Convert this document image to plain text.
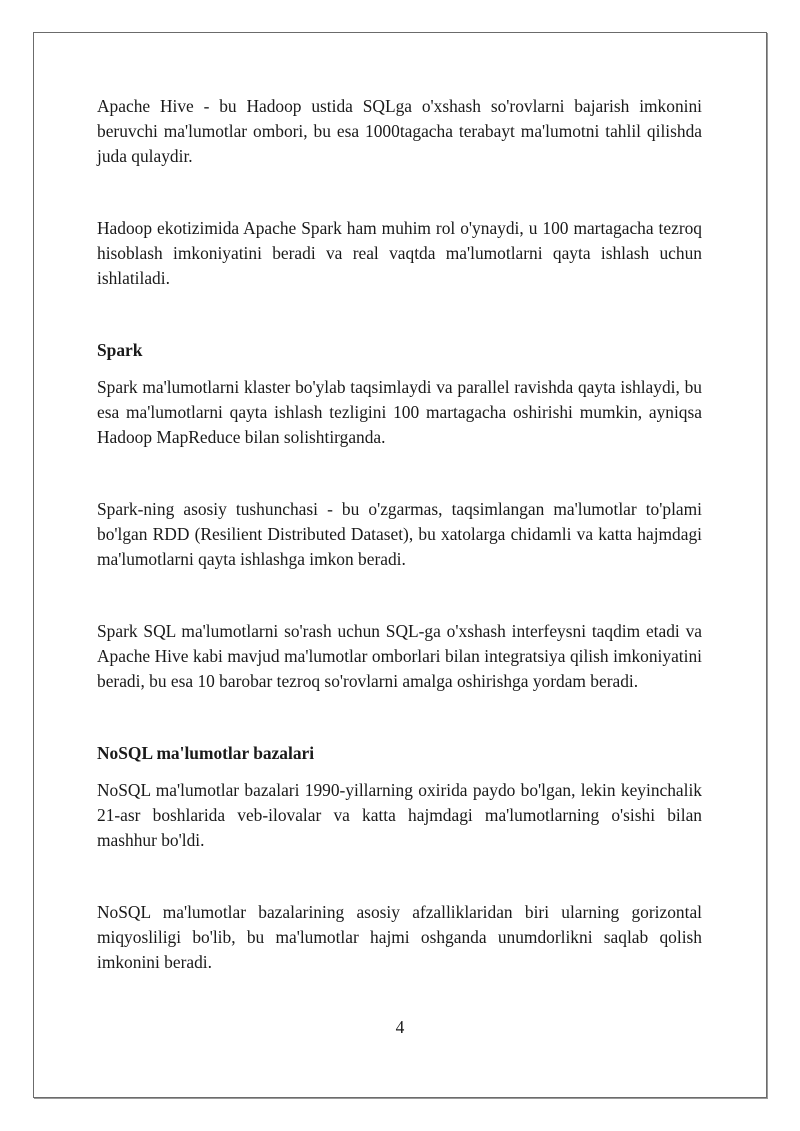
Apache Hive - bu Hadoop ustida SQLga o'xshash so'rovlarni bajarish imkonini beruvchi ma'lumotlar ombori, bu esa 1000tagacha terabayt ma'lumotni tahlil qilishda juda qulaydir.

Hadoop ekotizimida Apache Spark ham muhim rol o'ynaydi, u 100 martagacha tezroq hisoblash imkoniyatini beradi va real vaqtda ma'lumotlarni qayta ishlash uchun ishlatiladi.

Spark

Spark ma'lumotlarni klaster bo'ylab taqsimlaydi va parallel ravishda qayta ishlaydi, bu esa ma'lumotlarni qayta ishlash tezligini 100 martagacha oshirishi mumkin, ayniqsa Hadoop MapReduce bilan solishtirganda.

Spark-ning asosiy tushunchasi - bu o'zgarmas, taqsimlangan ma'lumotlar to'plami bo'lgan RDD (Resilient Distributed Dataset), bu xatolarga chidamli va katta hajmdagi ma'lumotlarni qayta ishlashga imkon beradi.

Spark SQL ma'lumotlarni so'rash uchun SQL-ga o'xshash interfeysni taqdim etadi va Apache Hive kabi mavjud ma'lumotlar omborlari bilan integratsiya qilish imkoniyatini beradi, bu esa 10 barobar tezroq so'rovlarni amalga oshirishga yordam beradi.

NoSQL ma'lumotlar bazalari

NoSQL ma'lumotlar bazalari 1990-yillarning oxirida paydo bo'lgan, lekin keyinchalik 21-asr boshlarida veb-ilovalar va katta hajmdagi ma'lumotlarning o'sishi bilan mashhur bo'ldi.

NoSQL ma'lumotlar bazalarining asosiy afzalliklaridan biri ularning gorizontal miqyosliligi bo'lib, bu ma'lumotlar hajmi oshganda unumdorlikni saqlab qolish imkonini beradi.

4
